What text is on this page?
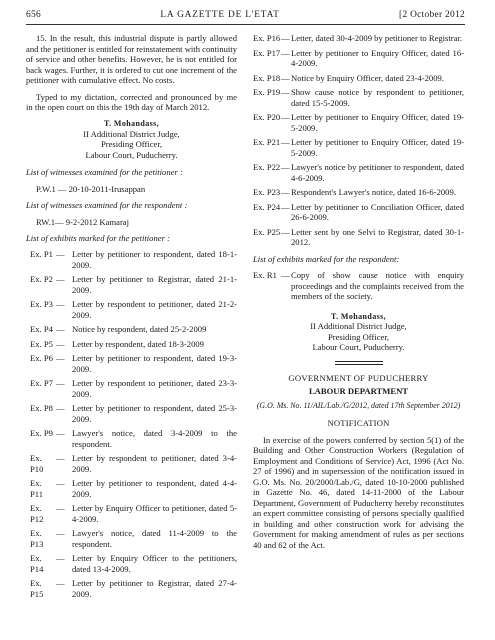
656	LA GAZETTE DE L'ETAT	[2 October 2012

15. In the result, this industrial dispute is partly allowed and the petitioner is entitled for reinstatement with continuity of service and other benefits. However, he is not entitled for back wages. Further, it is ordered to cut one increment of the petitioner with cumulative effect. No costs.

Typed to my dictation, corrected and pronounced by me in the open court on this the 19th day of March 2012.

T. Mohandass,
II Additional District Judge,
Presiding Officer,
Labour Court, Puducherry.
List of witnesses examined for the petitioner :
P.W.1 — 20-10-2011-Irusappan
List of witnesses examined for the respondent :
RW.1— 9-2-2012 Kamaraj
List of exhibits marked for the petitioner :
Ex. P1 — Letter by petitioner to respondent, dated 18-1-2009.
Ex. P2 — Letter by petitioner to Registrar, dated 21-1- 2009.
Ex. P3 — Letter by respondent to petitioner, dated 21-2-2009.
Ex. P4 — Notice by respondent, dated 25-2-2009
Ex. P5 — Letter by respondent, dated 18-3-2009
Ex. P6 — Letter by petitioner to respondent, dated 19-3-2009.
Ex. P7 — Letter by respondent to petitioner, dated 23-3-2009.
Ex. P8 — Letter by petitioner to respondent, dated 25-3-2009.
Ex. P9 — Lawyer's notice, dated 3-4-2009 to the respondent.
Ex. P10
— Letter by respondent to petitioner, dated 3-4-2009.
Ex. P11
— Letter by petitioner to respondent, dated 4-4-2009.
Ex. P12
— Letter by Enquiry Officer to petitioner, dated 5-4-2009.
Ex. P13
— Lawyer's notice, dated 11-4-2009 to the respondent.
Ex. P14
— Letter by Enquiry Officer to the petitioners, dated 13-4-2009.
Ex. P15
— Letter by petitioner to Registrar, dated 27-4-2009.
Ex. P16 — Letter, dated 30-4-2009 by petitioner to Registrar.
Ex. P17 — Letter by petitioner to Enquiry Officer, dated 16-4-2009.
Ex. P18 — Notice by Enquiry Officer, dated 23-4-2009.
Ex. P19 — Show cause notice by respondent to petitioner, dated 15-5-2009.
Ex. P20 — Letter by petitioner to Enquiry Officer, dated 19-5-2009.
Ex. P21 — Letter by petitioner to Enquiry Officer, dated 19-5-2009.
Ex. P22 — Lawyer's notice by petitioner to respondent, dated 4-6-2009.
Ex. P23 — Respondent's Lawyer's notice, dated 16-6-2009.
Ex. P24 — Letter by petitioner to Conciliation Officer, dated 26-6-2009.
Ex. P25 — Letter sent by one Selvi to Registrar, dated 30-1-2012.
List of exhibits marked for the respondent:
Ex. R1 — Copy of show cause notice with enquiry proceedings and the complaints received from the members of the society.
T. Mohandass,
II Additional District Judge,
Presiding Officer,
Labour Court, Puducherry.
GOVERNMENT OF PUDUCHERRY
LABOUR DEPARTMENT
(G.O. Ms. No. 11/AIL/Lab./G/2012, dated 17th September 2012)
NOTIFICATION

In exercise of the powers conferred by section 5(1) of the Building and Other Construction Workers (Regulation of Employment and Conditions of Service) Act, 1996 (Act No. 27 of 1996) and in supersession of the notification issued in G.O. Ms. No. 20/2000/Lab./G, dated 10-10-2000 published in Gazette No. 46, dated 14-11-2000 of the Labour Department, Government of Puducherry hereby reconstitutes an expert committee consisting of persons specially qualified in building and other construction work for advising the Government for making amendment of rules as per sections 40 and 62 of the Act.
